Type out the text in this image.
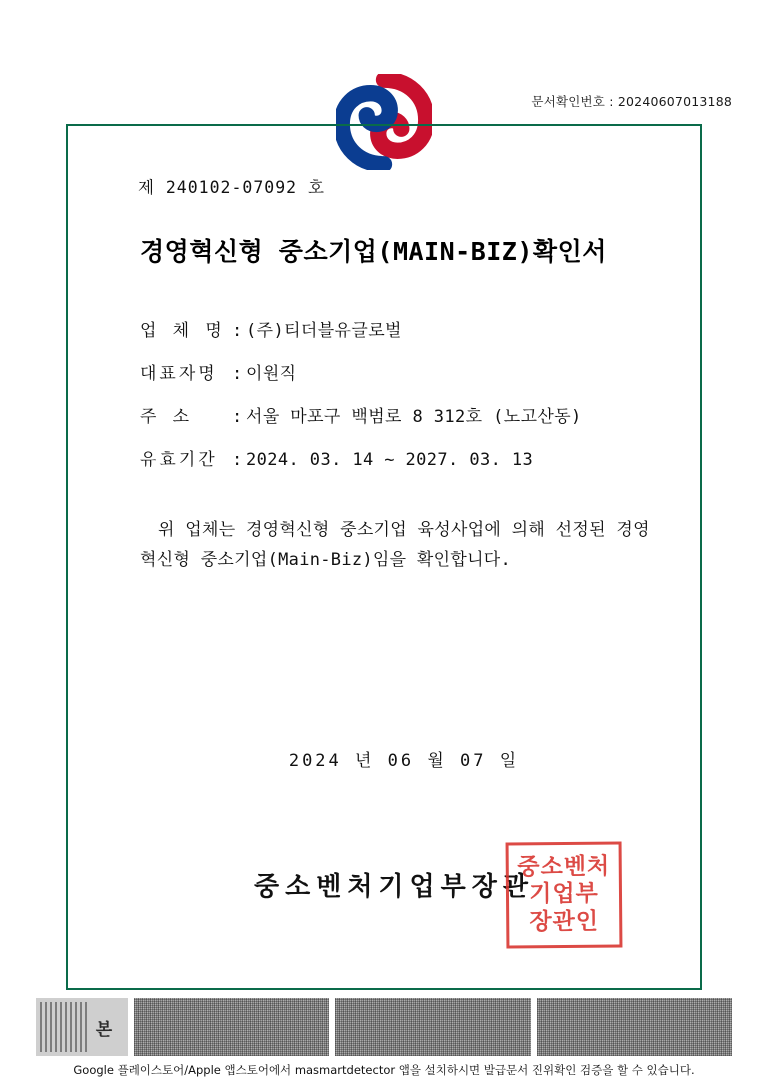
문서확인번호 : 20240607013188
제 240102-07092 호
경영혁신형 중소기업(MAIN-BIZ)확인서
업 체 명 : (주)티더블유글로벌
대표자명 : 이원직
주 소	: 서울 마포구 백범로 8 312호 (노고산동)
유효기간 : 2024. 03. 14 ~ 2027. 03. 13
위 업체는 경영혁신형 중소기업 육성사업에 의해 선정된 경영혁신형 중소기업(Main-Biz)임을 확인합니다.
2024 년 06 월 07 일
중소벤처기업부장관
중소벤처
기업부
장관인
본
Google 플레이스토어/Apple 앱스토어에서 masmartdetector 앱을 설치하시면 발급문서 진위확인 검증을 할 수 있습니다.
